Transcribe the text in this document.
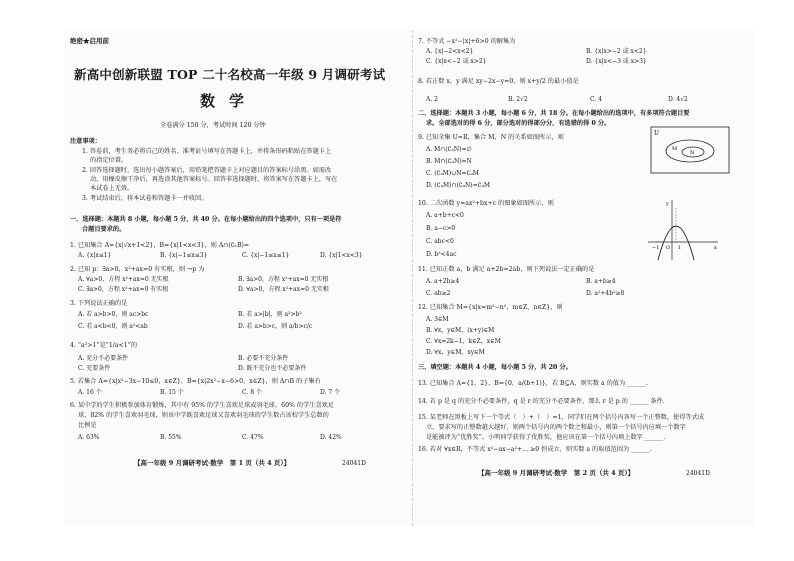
绝密★启用前
新高中创新联盟 TOP 二十名校高一年级 9 月调研考试
数学
全卷满分 150 分，考试时间 120 分钟
注意事项：
1. 答卷前，考生务必将自己的姓名、准考证号填写在答题卡上，并将条形码粘贴在答题卡上
的指定位置。
2. 回答选择题时，选出每小题答案后，用铅笔把答题卡上对应题目的答案标号涂黑。如需改
动，用橡皮擦干净后，再选涂其他答案标号。回答非选择题时，将答案写在答题卡上，写在
本试卷上无效。
3. 考试结束后，将本试卷和答题卡一并收回。
一、选择题：本题共 8 小题，每小题 5 分，共 40 分。在每小题给出的四个选项中，只有一项是符
合题目要求的。
1. 已知集合 A={x|√x+1<2}，B={x|1<x<3}，则 A∩(∁ᵣB)=
A. {x|x≤1}	B. {x|−1≤x≤3}	C. {x|−1≤x≤1}	D. {x|1<x<3}
2. 已知 p：∃a>0，x²+ax=0 有实根，则 ¬p 为
A. ∀a>0，方程 x²+ax=0 无实根	B. ∃a>0，方程 x²+ax=0 无实根
C. ∃a>0，方程 x²+ax=0 有实根	D. ∀a>0，方程 x²+ax=0 无实根
3. 下列说法正确的是
A. 若 a>b>0，则 ac>bc	B. 若 a>|b|，则 a²>b²
C. 若 a<b<0，则 a²<ab	D. 若 a>b>c，则 a/b>c/c
4. “a²>1”是“1/a<1”的
A. 充分不必要条件	B. 必要不充分条件
C. 充要条件	D. 既不充分也不必要条件
5. 若集合 A={x|x²−3x−10≤0，x∈Z}，B={x|2x²−x−6>0，x∈Z}，则 A∩B 的子集有
A. 16 个	B. 15 个	C. 8 个	D. 7 个
6. 某中学的学生积极参加体育锻炼，其中有 95% 的学生喜欢足球或羽毛球，60% 的学生喜欢足
球，82% 的学生喜欢羽毛球，则该中学既喜欢足球又喜欢羽毛球的学生数占该校学生总数的
比例是
A. 63%	B. 55%	C. 47%	D. 42%
【高一年级 9 月调研考试·数学　第 1 页（共 4 页）】	24041D
7. 不等式 −x²−|x|+6>0 的解集为
A. {x|−2<x<2}	B. {x|x>−2 或 x<2}
C. {x|x<−2 或 x>2}	D. {x|x<−3 或 x>3}
8. 若正数 x，y 满足 xy−2x−y=0，则 x+y/2 的最小值是
A. 2	B. 2√2	C. 4	D. 4√2
二、选择题：本题共 3 小题，每小题 6 分，共 18 分。在每小题给出的选项中，有多项符合题目要
求。全部选对的得 6 分，部分选对的得部分分，有选错的得 0 分。
9. 已知全集 U=R，集合 M，N 的关系如图所示，则
A. M∩(∁ᵤN)=∅
B. M∩(∁ᵤN)=N
C. (∁ᵤM)∪N=∁ᵤM
D. (∁ᵤM)∩(∁ᵤN)=∁ᵤM
U
M
N
10. 二次函数 y=ax²+bx+c 的图象如图所示，则
A. a+b+c<0
B. a−c>0
C. abc<0
D. b²<4ac
y
x
O
−1	1
11. 已知正数 a，b 满足 a+2b=2ab，则下列说法一定正确的是
A. a+2b≥4	B. a+b≥4
C. ab≥2	D. a²+4b²≥8
12. 已知集合 M={x|x=m²−n²，m∈Z，n∈Z}，则
A. 3∈M
B. ∀x，y∈M，(x+y)∈M
C. ∀x=2k−1，k∈Z，x∈M
D. ∀x，y∈M，xy∈M
三、填空题：本题共 4 小题，每小题 5 分，共 20 分。
13. 已知集合 A={1，2}，B={0，a/(b+1)}，若 B⊆A，则实数 a 的值为 ______.
14. 若 p 是 q 的充分不必要条件，q 是 r 的充分不必要条件，那么 r 是 p 的 ______ 条件.
15. 某老师在黑板上写下一个等式（　）+（　）=1，同学们在两个括号内各写一个正整数，使得等式成
立，要求写的正整数越大越好，则两个括号内的两个数之和最小，则第一个括号内应填一个数字
是能被评为“优胜奖”。小明同学获得了优胜奖，他应该在第一个括号内填上数字 ______.
16. 若对 ∀x∈R，不等式 x²−ax−a²+... ≥0 恒成立，则实数 a 的取值范围为 ______.
【高一年级 9 月调研考试·数学　第 2 页（共 4 页）】	24041D
